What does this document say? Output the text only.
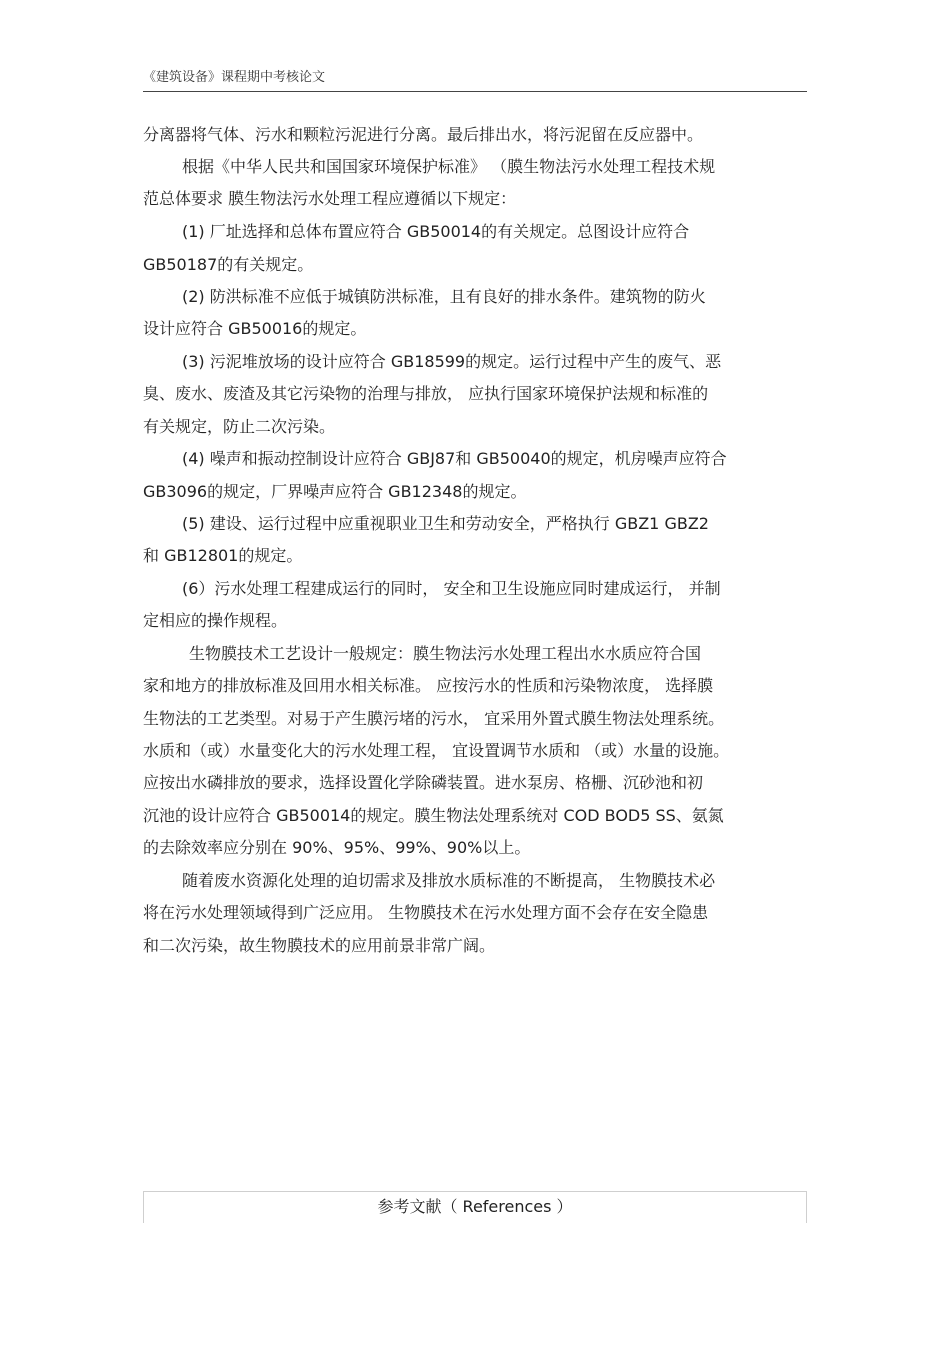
《建筑设备》课程期中考核论文
分离器将气体、污水和颗粒污泥进行分离。最后排出水，将污泥留在反应器中。
根据《中华人民共和国国家环境保护标准》 （膜生物法污水处理工程技术规
范总体要求 膜生物法污水处理工程应遵循以下规定：
(1) 厂址选择和总体布置应符合 GB50014的有关规定。总图设计应符合
GB50187的有关规定。
(2) 防洪标准不应低于城镇防洪标准，且有良好的排水条件。建筑物的防火
设计应符合 GB50016的规定。
(3) 污泥堆放场的设计应符合 GB18599的规定。运行过程中产生的废气、恶
臭、废水、废渣及其它污染物的治理与排放， 应执行国家环境保护法规和标准的
有关规定，防止二次污染。
(4) 噪声和振动控制设计应符合 GBJ87和 GB50040的规定，机房噪声应符合
GB3096的规定，厂界噪声应符合 GB12348的规定。
(5) 建设、运行过程中应重视职业卫生和劳动安全，严格执行 GBZ1 GBZ2
和 GB12801的规定。
(6）污水处理工程建成运行的同时， 安全和卫生设施应同时建成运行， 并制
定相应的操作规程。
生物膜技术工艺设计一般规定：膜生物法污水处理工程出水水质应符合国
家和地方的排放标准及回用水相关标准。 应按污水的性质和污染物浓度， 选择膜
生物法的工艺类型。对易于产生膜污堵的污水， 宜采用外置式膜生物法处理系统。
水质和（或）水量变化大的污水处理工程， 宜设置调节水质和 （或）水量的设施。
应按出水磷排放的要求，选择设置化学除磷装置。进水泵房、格栅、沉砂池和初
沉池的设计应符合 GB50014的规定。膜生物法处理系统对 COD BOD5 SS、氨氮
的去除效率应分别在 90%、95%、99%、90%以上。
随着废水资源化处理的迫切需求及排放水质标准的不断提高， 生物膜技术必
将在污水处理领域得到广泛应用。 生物膜技术在污水处理方面不会存在安全隐患
和二次污染，故生物膜技术的应用前景非常广阔。
参考文献（ References ）
